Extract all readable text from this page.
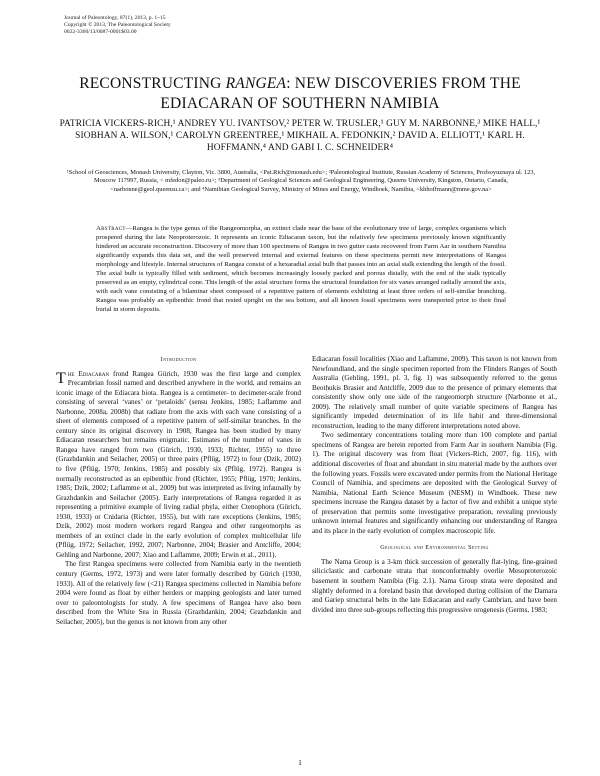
Journal of Paleontology, 87(1), 2013, p. 1–15
Copyright © 2013, The Paleontological Society
0022-3360/13/0087-0001$03.00
RECONSTRUCTING RANGEA: NEW DISCOVERIES FROM THE EDIACARAN OF SOUTHERN NAMIBIA
PATRICIA VICKERS-RICH,¹ ANDREY YU. IVANTSOV,² PETER W. TRUSLER,¹ GUY M. NARBONNE,³ MIKE HALL,¹ SIOBHAN A. WILSON,¹ CAROLYN GREENTREE,¹ MIKHAIL A. FEDONKIN,² DAVID A. ELLIOTT,¹ KARL H. HOFFMANN,⁴ AND GABI I. C. SCHNEIDER⁴
¹School of Geosciences, Monash University, Clayton, Vic. 3800, Australia, <Pat.Rich@monash.edu>; ²Paleontological Institute, Russian Academy of Sciences, Profsoyuznaya ul. 123, Moscow 117997, Russia, < mfedon@paleo.ru>; ³Department of Geological Sciences and Geological Engineering, Queens University, Kingston, Ontario, Canada, <narbonne@geol.queensu.ca>; and ⁴Namibian Geological Survey, Ministry of Mines and Energy, Windhoek, Namibia, <khhoffmann@mme.gov.na>
Abstract—Rangea is the type genus of the Rangeomorpha, an extinct clade near the base of the evolutionary tree of large, complex organisms which prospered during the late Neoproterozoic. It represents an iconic Ediacaran taxon, but the relatively few specimens previously known significantly hindered an accurate reconstruction. Discovery of more than 100 specimens of Rangea in two gutter casts recovered from Farm Aar in southern Namibia significantly expands this data set, and the well preserved internal and external features on these specimens permit new interpretations of Rangea morphology and lifestyle. Internal structures of Rangea consist of a hexaradial axial bulb that passes into an axial stalk extending the length of the fossil. The axial bulb is typically filled with sediment, which becomes increasingly loosely packed and porous distally, with the end of the stalk typically preserved as an empty, cylindrical cone. This length of the axial structure forms the structural foundation for six vanes arranged radially around the axis, with each vane consisting of a bilaminar sheet composed of a repetitive pattern of elements exhibiting at least three orders of self-similar branching. Rangea was probably an epibenthic frond that rested upright on the sea bottom, and all known fossil specimens were transported prior to their final burial in storm deposits.
Introduction

The Ediacaran frond Rangea Gürich, 1930 was the first large and complex Precambrian fossil named and described anywhere in the world, and remains an iconic image of the Ediacara biota. Rangea is a centimeter- to decimeter-scale frond consisting of several ‘vanes’ or ‘petaloids’ (sensu Jenkins, 1985; Laflamme and Narbonne, 2008a, 2008b) that radiate from the axis with each vane consisting of a sheet of elements composed of a repetitive pattern of self-similar branches. In the century since its original discovery in 1908, Rangea has been studied by many Ediacaran researchers but remains enigmatic. Estimates of the number of vanes in Rangea have ranged from two (Gürich, 1930, 1933; Richter, 1955) to three (Grazhdankin and Seilacher, 2005) or three pairs (Pflüg, 1972) to four (Dzik, 2002) to five (Pflüg, 1970; Jenkins, 1985) and possibly six (Pflüg, 1972). Rangea is normally reconstructed as an epibenthic frond (Richter, 1955; Pflüg, 1970; Jenkins, 1985; Dzik, 2002; Laflamme et al., 2009) but was interpreted as living infaunally by Grazhdankin and Seilacher (2005). Early interpretations of Rangea regarded it as representing a primitive example of living radial phyla, either Ctenophora (Gürich, 1930, 1933) or Cnidaria (Richter, 1955), but with rare exceptions (Jenkins, 1985; Dzik, 2002) most modern workers regard Rangea and other rangeomorphs as members of an extinct clade in the early evolution of complex multicellular life (Pflüg, 1972; Seilacher, 1992, 2007; Narbonne, 2004; Brasier and Antcliffe, 2004; Gehling and Narbonne, 2007; Xiao and Laflamme, 2009; Erwin et al., 2011).

The first Rangea specimens were collected from Namibia early in the twentieth century (Germs, 1972, 1973) and were later formally described by Gürich (1930, 1933). All of the relatively few (<21) Rangea specimens collected in Namibia before 2004 were found as float by either herders or mapping geologists and later turned over to paleontologists for study. A few specimens of Rangea have also been described from the White Sea in Russia (Grazhdankin, 2004; Grazhdankin and Seilacher, 2005), but the genus is not known from any other

Ediacaran fossil localities (Xiao and Laflamme, 2009). This taxon is not known from Newfoundland, and the single specimen reported from the Flinders Ranges of South Australia (Gehling, 1991, pl. 3, fig. 1) was subsequently referred to the genus Beothukis Brasier and Antcliffe, 2009 due to the presence of primary elements that consistently show only one side of the rangeomorph structure (Narbonne et al., 2009). The relatively small number of quite variable specimens of Rangea has significantly impeded determination of its life habit and three-dimensional reconstruction, leading to the many different interpretations noted above.

Two sedimentary concentrations totaling more than 100 complete and partial specimens of Rangea are herein reported from Farm Aar in southern Namibia (Fig. 1). The original discovery was from float (Vickers-Rich, 2007, fig. 116), with additional discoveries of float and abundant in situ material made by the authors over the following years. Fossils were excavated under permits from the National Heritage Council of Namibia, and specimens are deposited with the Geological Survey of Namibia, National Earth Science Museum (NESM) in Windhoek. These new specimens increase the Rangea dataset by a factor of five and exhibit a unique style of preservation that permits some investigative preparation, revealing previously unknown internal features and significantly enhancing our understanding of Rangea and its place in the early evolution of complex macroscopic life.

Geological and Environmental Setting

The Nama Group is a 3-km thick succession of generally flat-lying, fine-grained siliciclastic and carbonate strata that nonconformably overlie Mesoproterozoic basement in southern Namibia (Fig. 2.1). Nama Group strata were deposited and slightly deformed in a foreland basin that developed during collision of the Damara and Gariep structural belts in the late Ediacaran and early Cambrian, and have been divided into three sub-groups reflecting this progressive orogenesis (Germs, 1983;

1
